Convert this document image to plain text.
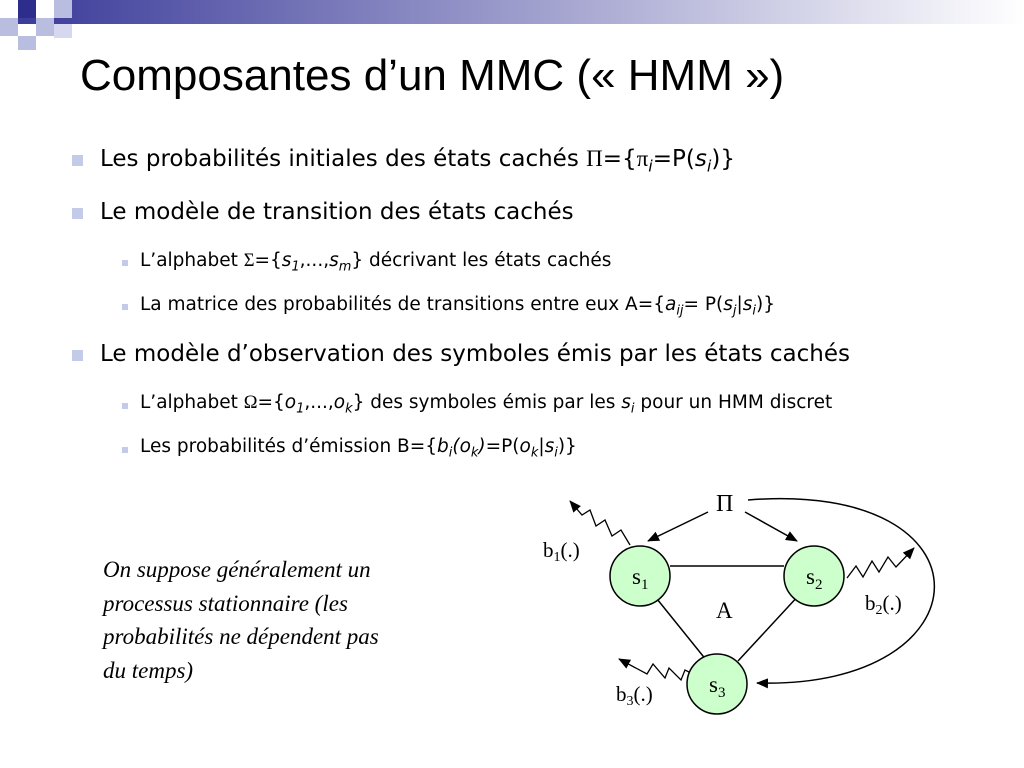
Composantes d’un MMC (« HMM »)
Les probabilités initiales des états cachés $\Pi=\{\pi_i=P(s_i)\}$
Le modèle de transition des états cachés
L’alphabet $\Sigma=\{s_1,...,s_m\}$ décrivant les états cachés
La matrice des probabilités de transitions entre eux $A=\{a_{ij}= P(s_j|s_i)\}$
Le modèle d’observation des symboles émis par les états cachés
L’alphabet $\Omega=\{o_1,...,o_k\}$ des symboles émis par les $s_i$ pour un HMM discret
Les probabilités d’émission $B=\{b_i(o_k)=P(o_k|s_i)\}$
On suppose généralement un
processus stationnaire (les
probabilités ne dépendent pas
du temps)
$s_1$	$s_2$
$s_3$
Π
A
b1(.)
b2(.)
b3(.)
